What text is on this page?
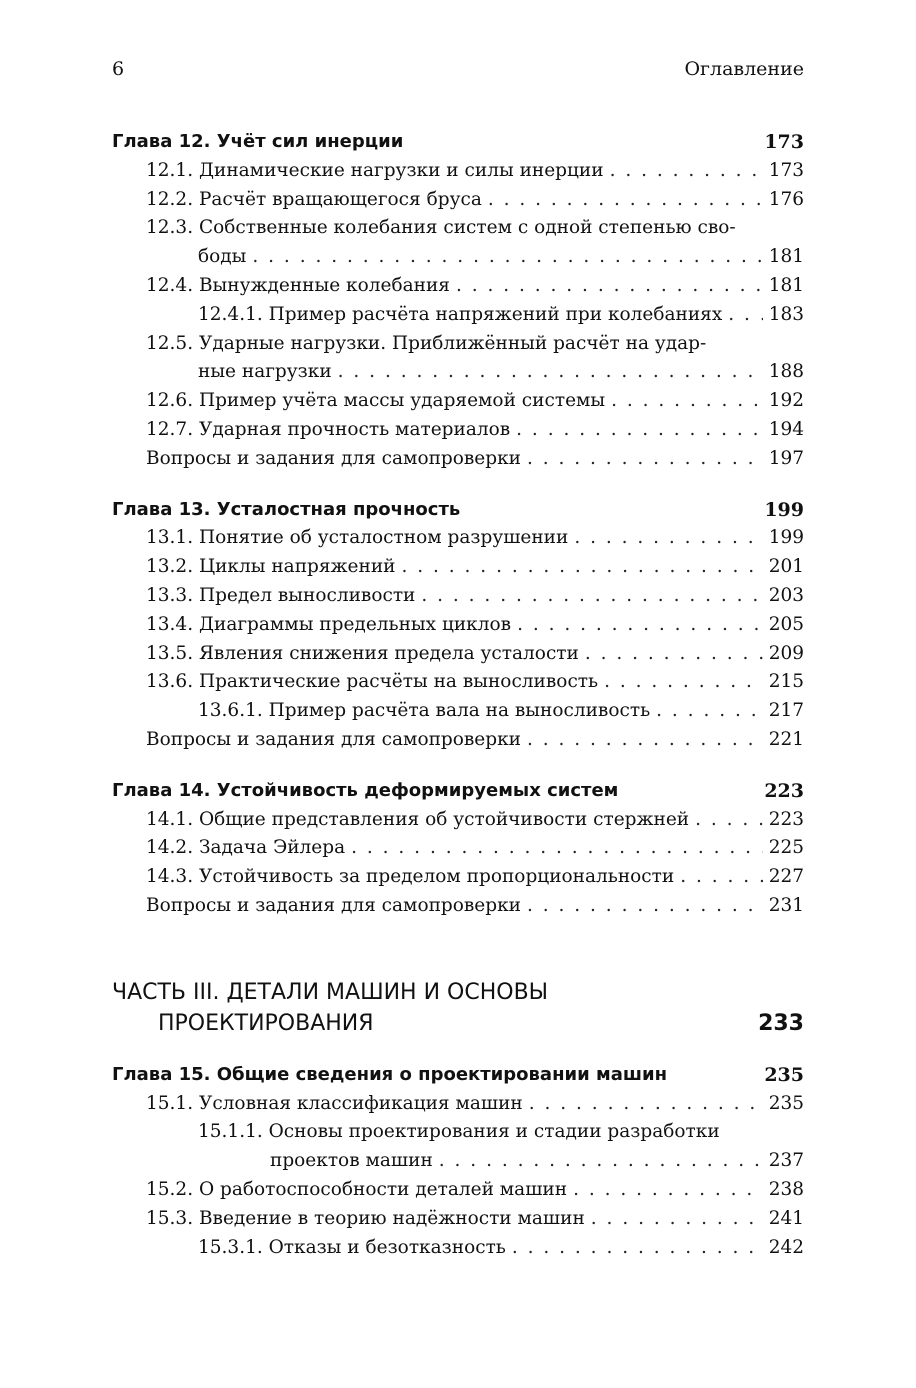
6	Оглавление
Глава 12. Учёт сил инерции	173
12.1. Динамические нагрузки и силы инерции . . .	173
12.2. Расчёт вращающегося бруса . . .	176
12.3. Собственные колебания систем с одной степенью сво-
боды . . .	181
12.4. Вынужденные колебания . . .	181
12.4.1. Пример расчёта напряжений при колебаниях . . .	183
12.5. Ударные нагрузки. Приближённый расчёт на удар-
ные нагрузки . . .	188
12.6. Пример учёта массы ударяемой системы . . .	192
12.7. Ударная прочность материалов . . .	194
Вопросы и задания для самопроверки . . .	197
Глава 13. Усталостная прочность	199
13.1. Понятие об усталостном разрушении . . .	199
13.2. Циклы напряжений . . .	201
13.3. Предел выносливости . . .	203
13.4. Диаграммы предельных циклов . . .	205
13.5. Явления снижения предела усталости . . .	209
13.6. Практические расчёты на выносливость . . .	215
13.6.1. Пример расчёта вала на выносливость . . .	217
Вопросы и задания для самопроверки . . .	221
Глава 14. Устойчивость деформируемых систем	223
14.1. Общие представления об устойчивости стержней . . .	223
14.2. Задача Эйлера . . .	225
14.3. Устойчивость за пределом пропорциональности . . .	227
Вопросы и задания для самопроверки . . .	231
ЧАСТЬ III. ДЕТАЛИ МАШИН И ОСНОВЫ
ПРОЕКТИРОВАНИЯ	233
Глава 15. Общие сведения о проектировании машин	235
15.1. Условная классификация машин . . .	235
15.1.1. Основы проектирования и стадии разработки
проектов машин . . .	237
15.2. О работоспособности деталей машин . . .	238
15.3. Введение в теорию надёжности машин . . .	241
15.3.1. Отказы и безотказность . . .	242
